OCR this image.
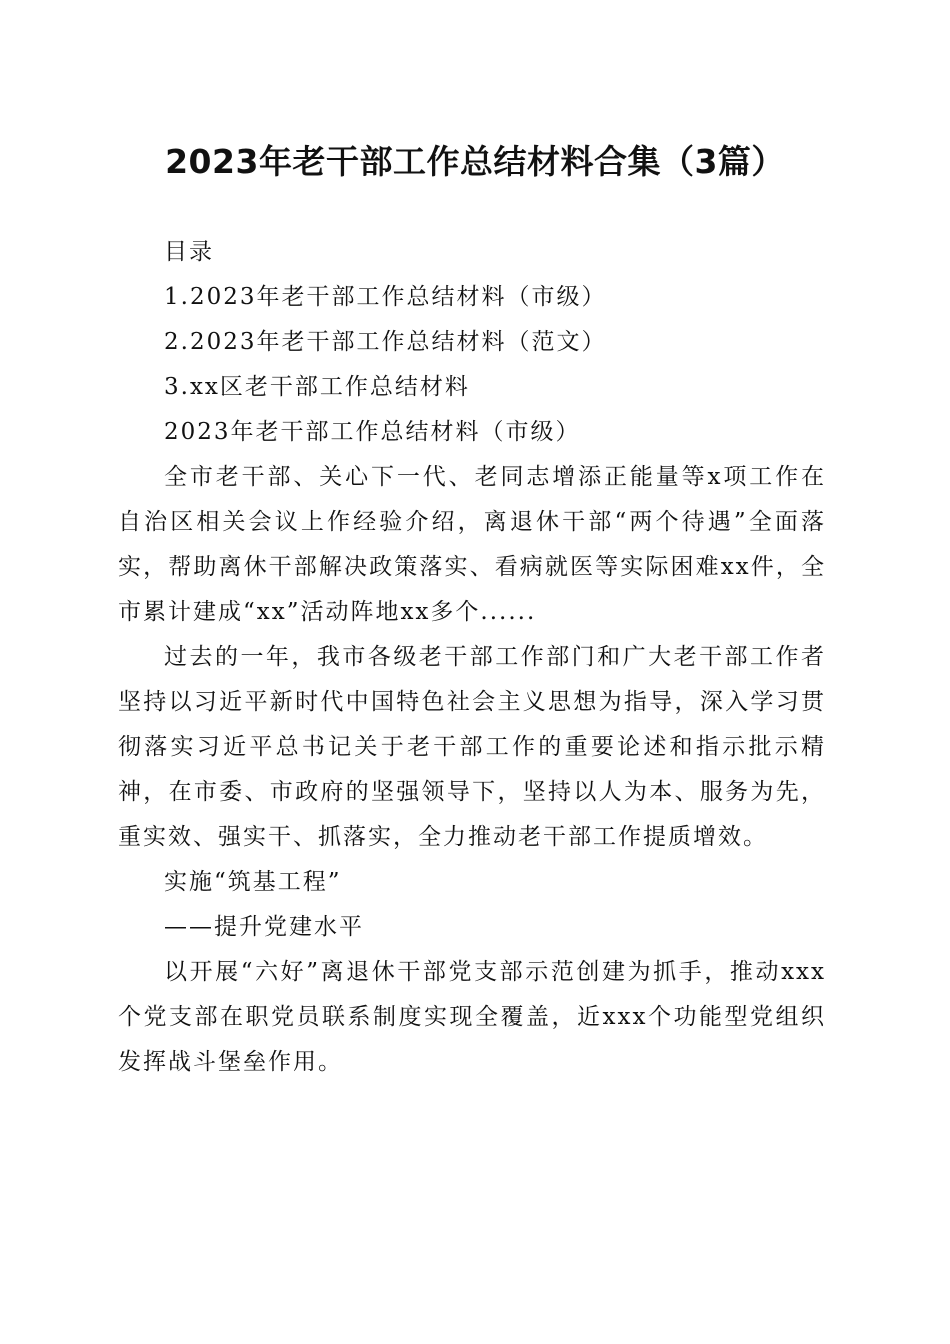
2023年老干部工作总结材料合集（3篇）

目录

1.2023年老干部工作总结材料（市级）

2.2023年老干部工作总结材料（范文）

3.xx区老干部工作总结材料

2023年老干部工作总结材料（市级）

全市老干部、关心下一代、老同志增添正能量等x项工作在自治区相关会议上作经验介绍，离退休干部“两个待遇”全面落实，帮助离休干部解决政策落实、看病就医等实际困难xx件，全市累计建成“xx”活动阵地xx多个......

过去的一年，我市各级老干部工作部门和广大老干部工作者坚持以习近平新时代中国特色社会主义思想为指导，深入学习贯彻落实习近平总书记关于老干部工作的重要论述和指示批示精神，在市委、市政府的坚强领导下，坚持以人为本、服务为先，重实效、强实干、抓落实，全力推动老干部工作提质增效。

实施“筑基工程”

——提升党建水平

以开展“六好”离退休干部党支部示范创建为抓手，推动xxx个党支部在职党员联系制度实现全覆盖，近xxx个功能型党组织发挥战斗堡垒作用。
